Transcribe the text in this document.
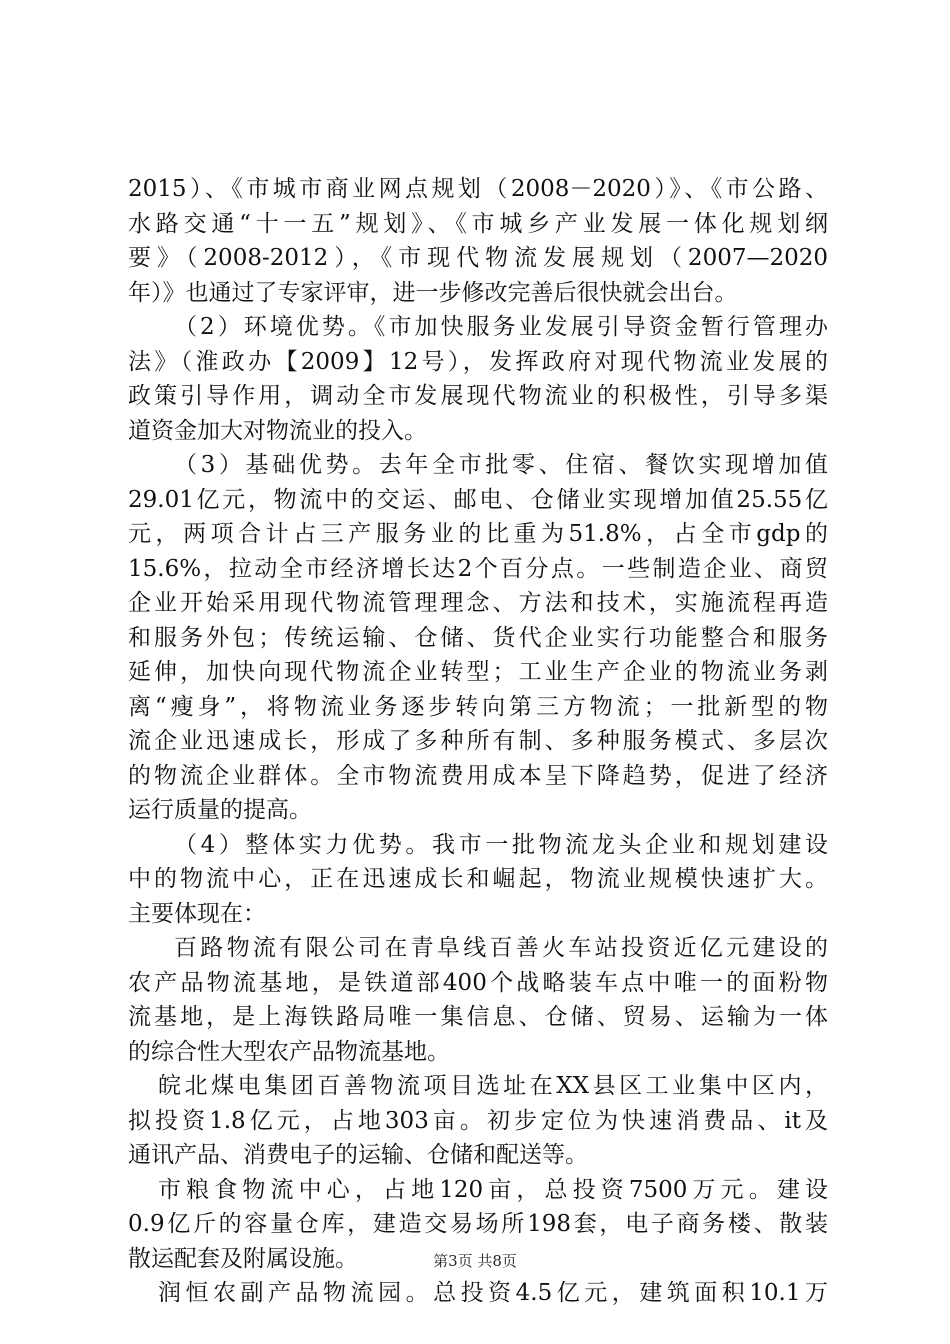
2015）、《市城市商业网点规划（2008－2020）》、《市公路、
水路交通“十一五”规划》、《市城乡产业发展一体化规划纲
要》（2008-2012），《市现代物流发展规划（2007—2020
年）》也通过了专家评审，进一步修改完善后很快就会出台。
（2）环境优势。《市加快服务业发展引导资金暂行管理办
法》（淮政办【2009】12号），发挥政府对现代物流业发展的
政策引导作用，调动全市发展现代物流业的积极性，引导多渠
道资金加大对物流业的投入。
（3）基础优势。去年全市批零、住宿、餐饮实现增加值
29.01亿元，物流中的交运、邮电、仓储业实现增加值25.55亿
元，两项合计占三产服务业的比重为51.8%，占全市gdp的
15.6%，拉动全市经济增长达2个百分点。一些制造企业、商贸
企业开始采用现代物流管理理念、方法和技术，实施流程再造
和服务外包；传统运输、仓储、货代企业实行功能整合和服务
延伸，加快向现代物流企业转型；工业生产企业的物流业务剥
离“瘦身”，将物流业务逐步转向第三方物流；一批新型的物
流企业迅速成长，形成了多种所有制、多种服务模式、多层次
的物流企业群体。全市物流费用成本呈下降趋势，促进了经济
运行质量的提高。
（4）整体实力优势。我市一批物流龙头企业和规划建设
中的物流中心，正在迅速成长和崛起，物流业规模快速扩大。
主要体现在：
百路物流有限公司在青阜线百善火车站投资近亿元建设的
农产品物流基地，是铁道部400个战略装车点中唯一的面粉物
流基地，是上海铁路局唯一集信息、仓储、贸易、运输为一体
的综合性大型农产品物流基地。
皖北煤电集团百善物流项目选址在XX县区工业集中区内，
拟投资1.8亿元，占地303亩。初步定位为快速消费品、it及
通讯产品、消费电子的运输、仓储和配送等。
市粮食物流中心，占地120亩，总投资7500万元。建设
0.9亿斤的容量仓库，建造交易场所198套，电子商务楼、散装
散运配套及附属设施。
润恒农副产品物流园。总投资4.5亿元，建筑面积10.1万
第3页 共8页
